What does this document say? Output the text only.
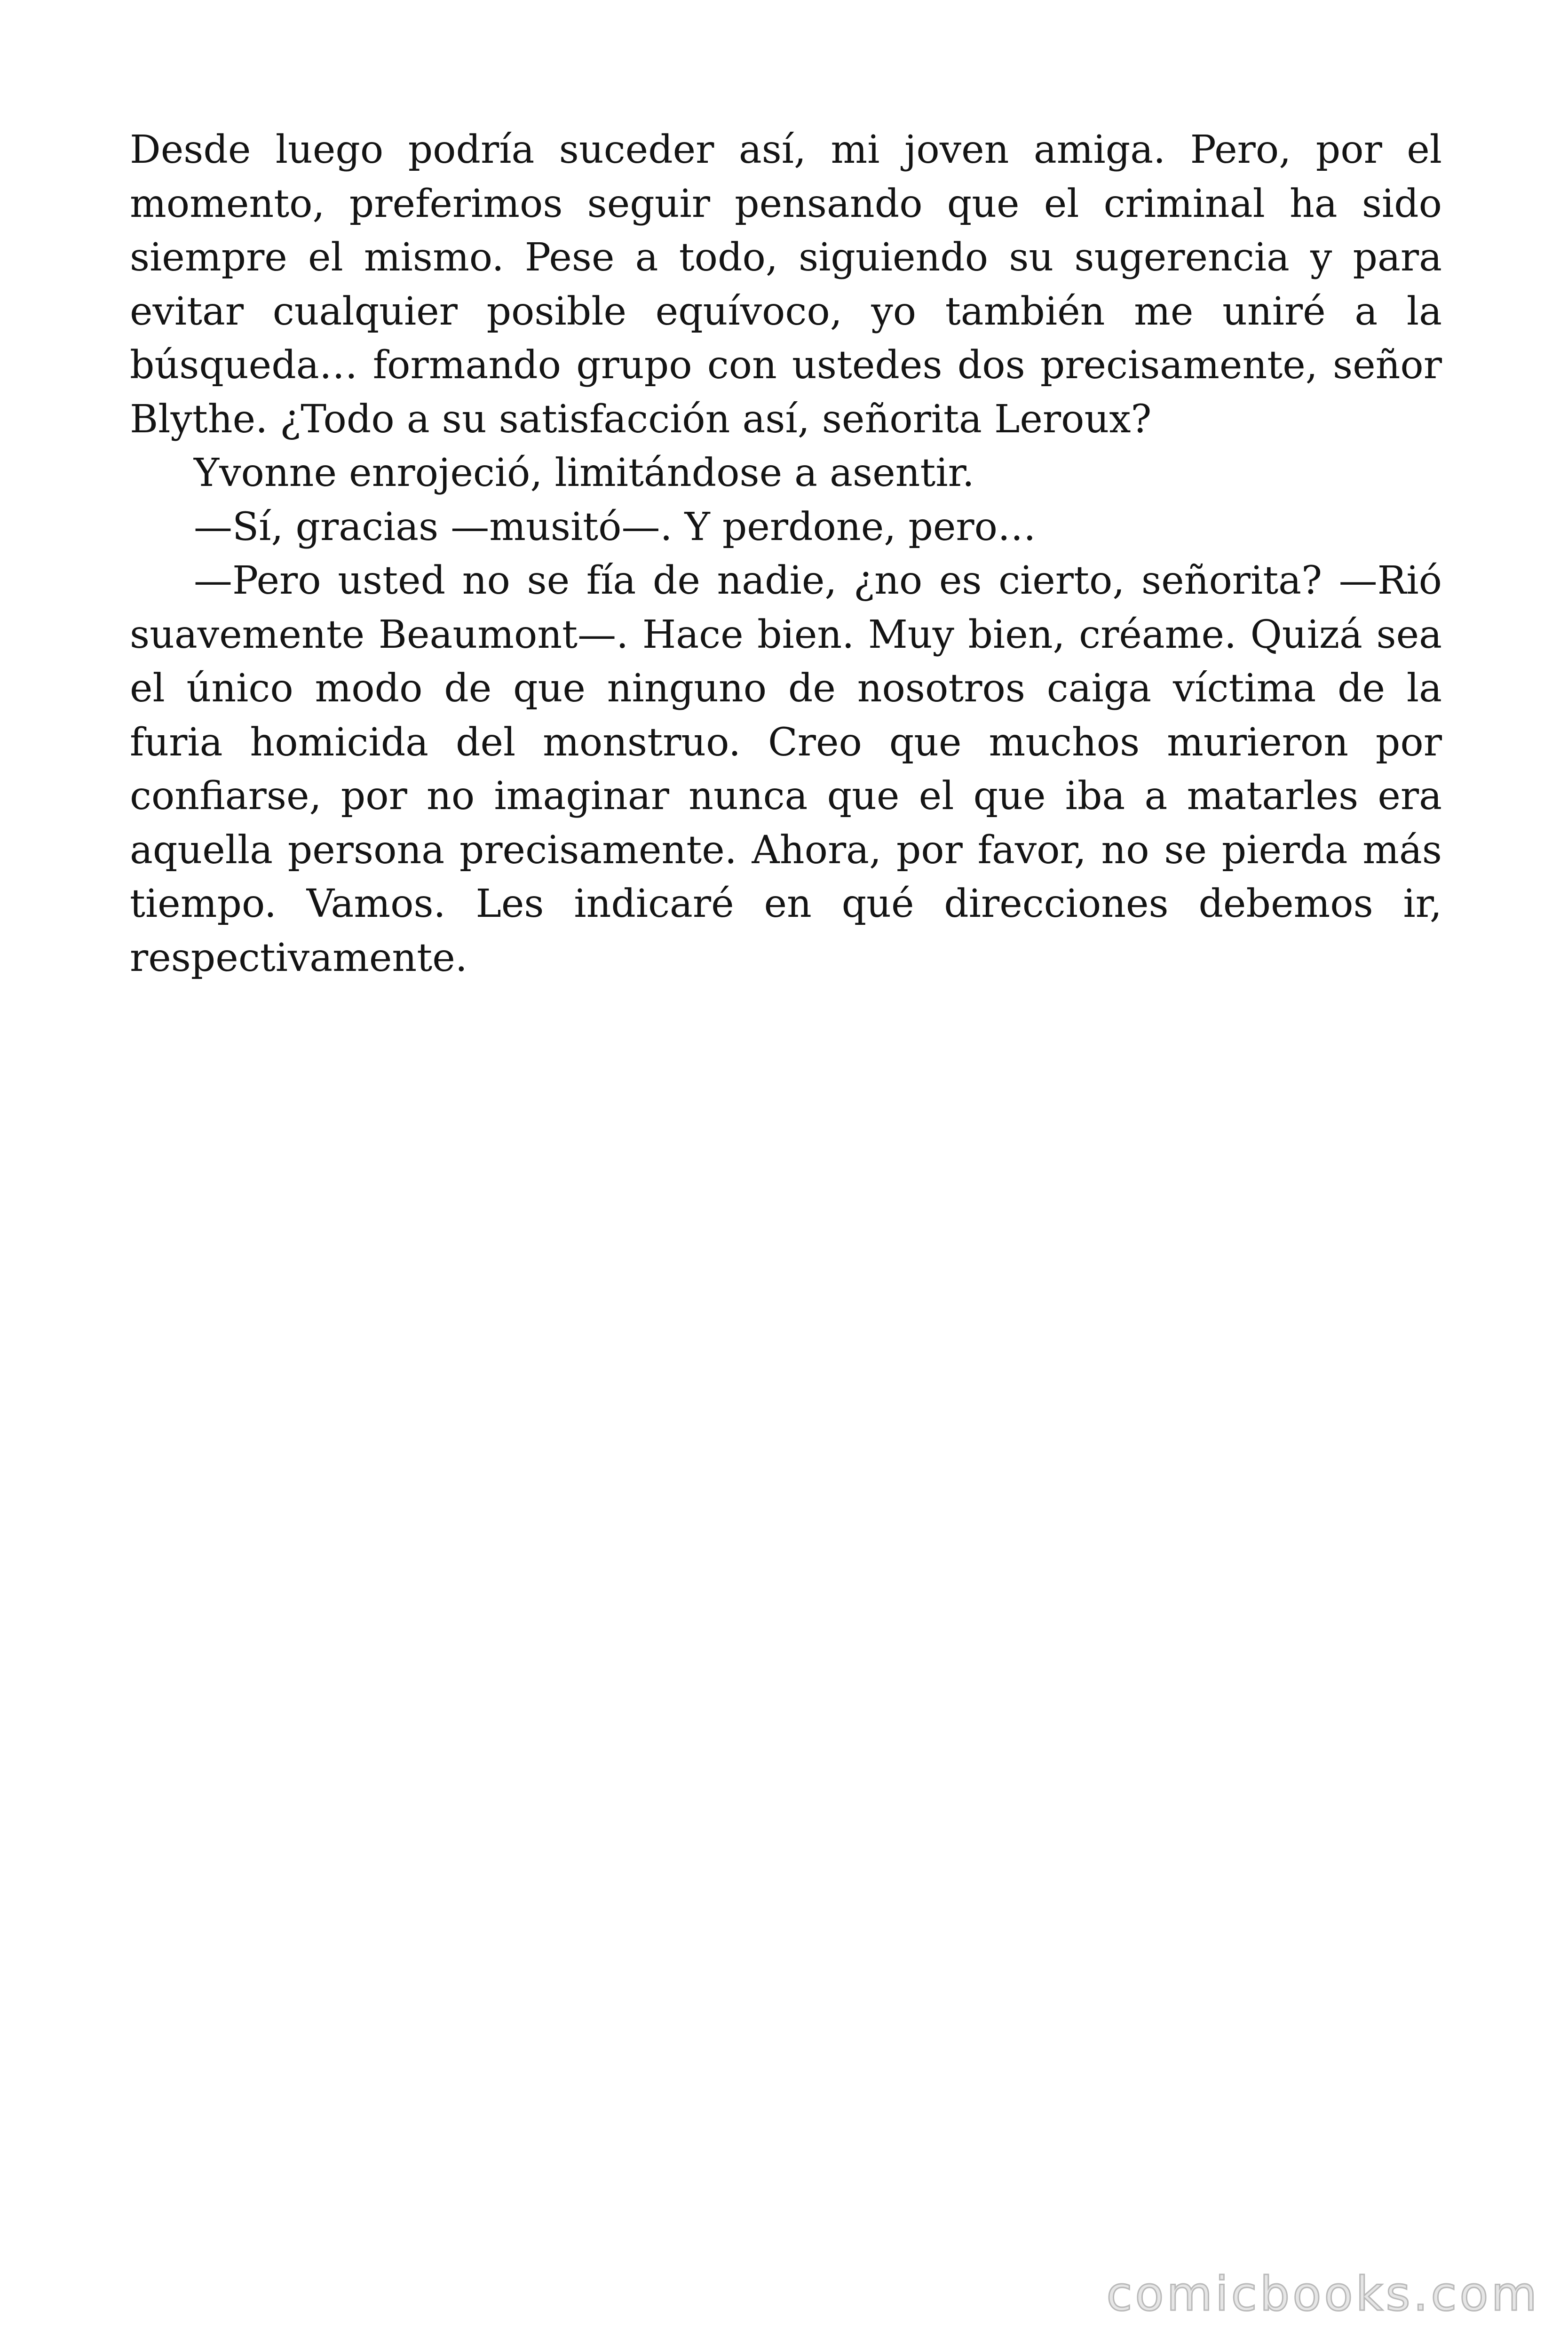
Desde luego podría suceder así, mi joven amiga. Pero, por el momento, preferimos seguir pensando que el criminal ha sido siempre el mismo. Pese a todo, siguiendo su sugerencia y para evitar cualquier posible equívoco, yo también me uniré a la búsqueda… formando grupo con ustedes dos precisamente, señor Blythe. ¿Todo a su satisfacción así, señorita Leroux?

Yvonne enrojeció, limitándose a asentir.

—Sí, gracias —musitó—. Y perdone, pero…

—Pero usted no se fía de nadie, ¿no es cierto, señorita? —Rió suavemente Beaumont—. Hace bien. Muy bien, créame. Quizá sea el único modo de que ninguno de nosotros caiga víctima de la furia homicida del monstruo. Creo que muchos murieron por confiarse, por no imaginar nunca que el que iba a matarles era aquella persona precisamente. Ahora, por favor, no se pierda más tiempo. Vamos. Les indicaré en qué direcciones debemos ir, respectivamente.

comicbooks.com
